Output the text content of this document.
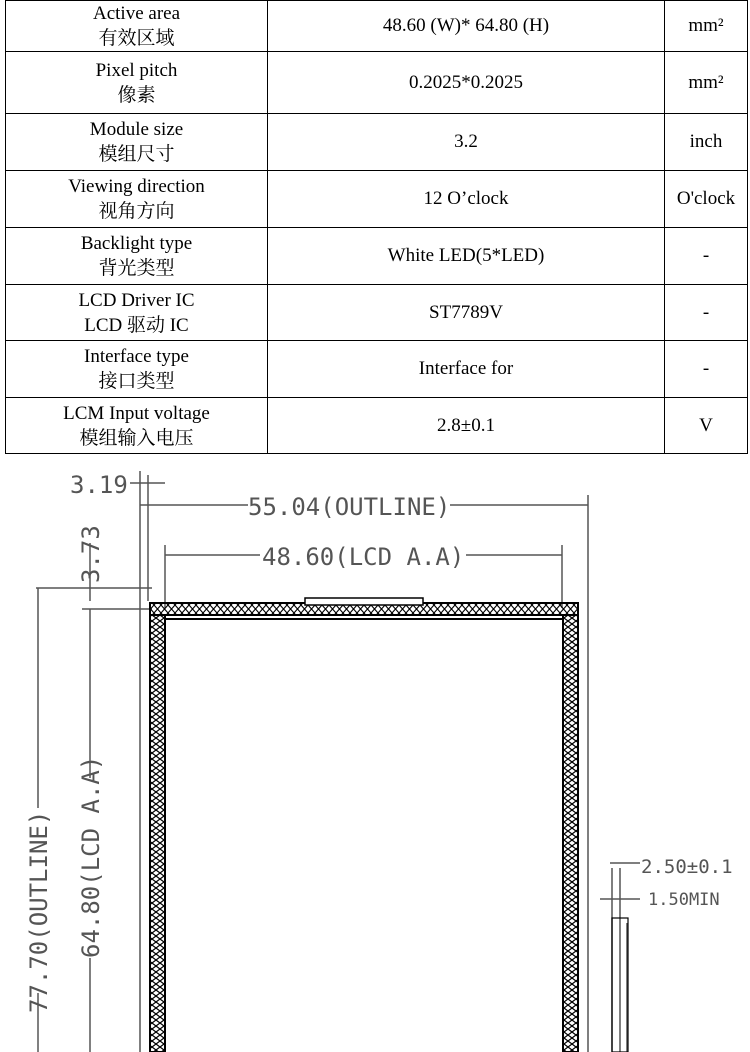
Active area
有效区域	48.60 (W)* 64.80 (H)	mm²

Pixel pitch
像素	0.2025*0.2025	mm²

Module size
模组尺寸	3.2	inch

Viewing direction
视角方向	12 O’clock	O'clock

Backlight type
背光类型	White LED(5*LED)	-

LCD Driver IC
LCD 驱动 IC	ST7789V	-

Interface type
接口类型	Interface for	-

LCM Input voltage
模组输入电压	2.8±0.1	V
3.19
55.04(OUTLINE)
48.60(LCD A.A)
3.73
64.80(LCD A.A)
77.70(OUTLINE)	2.50±0.1
1.50MIN
